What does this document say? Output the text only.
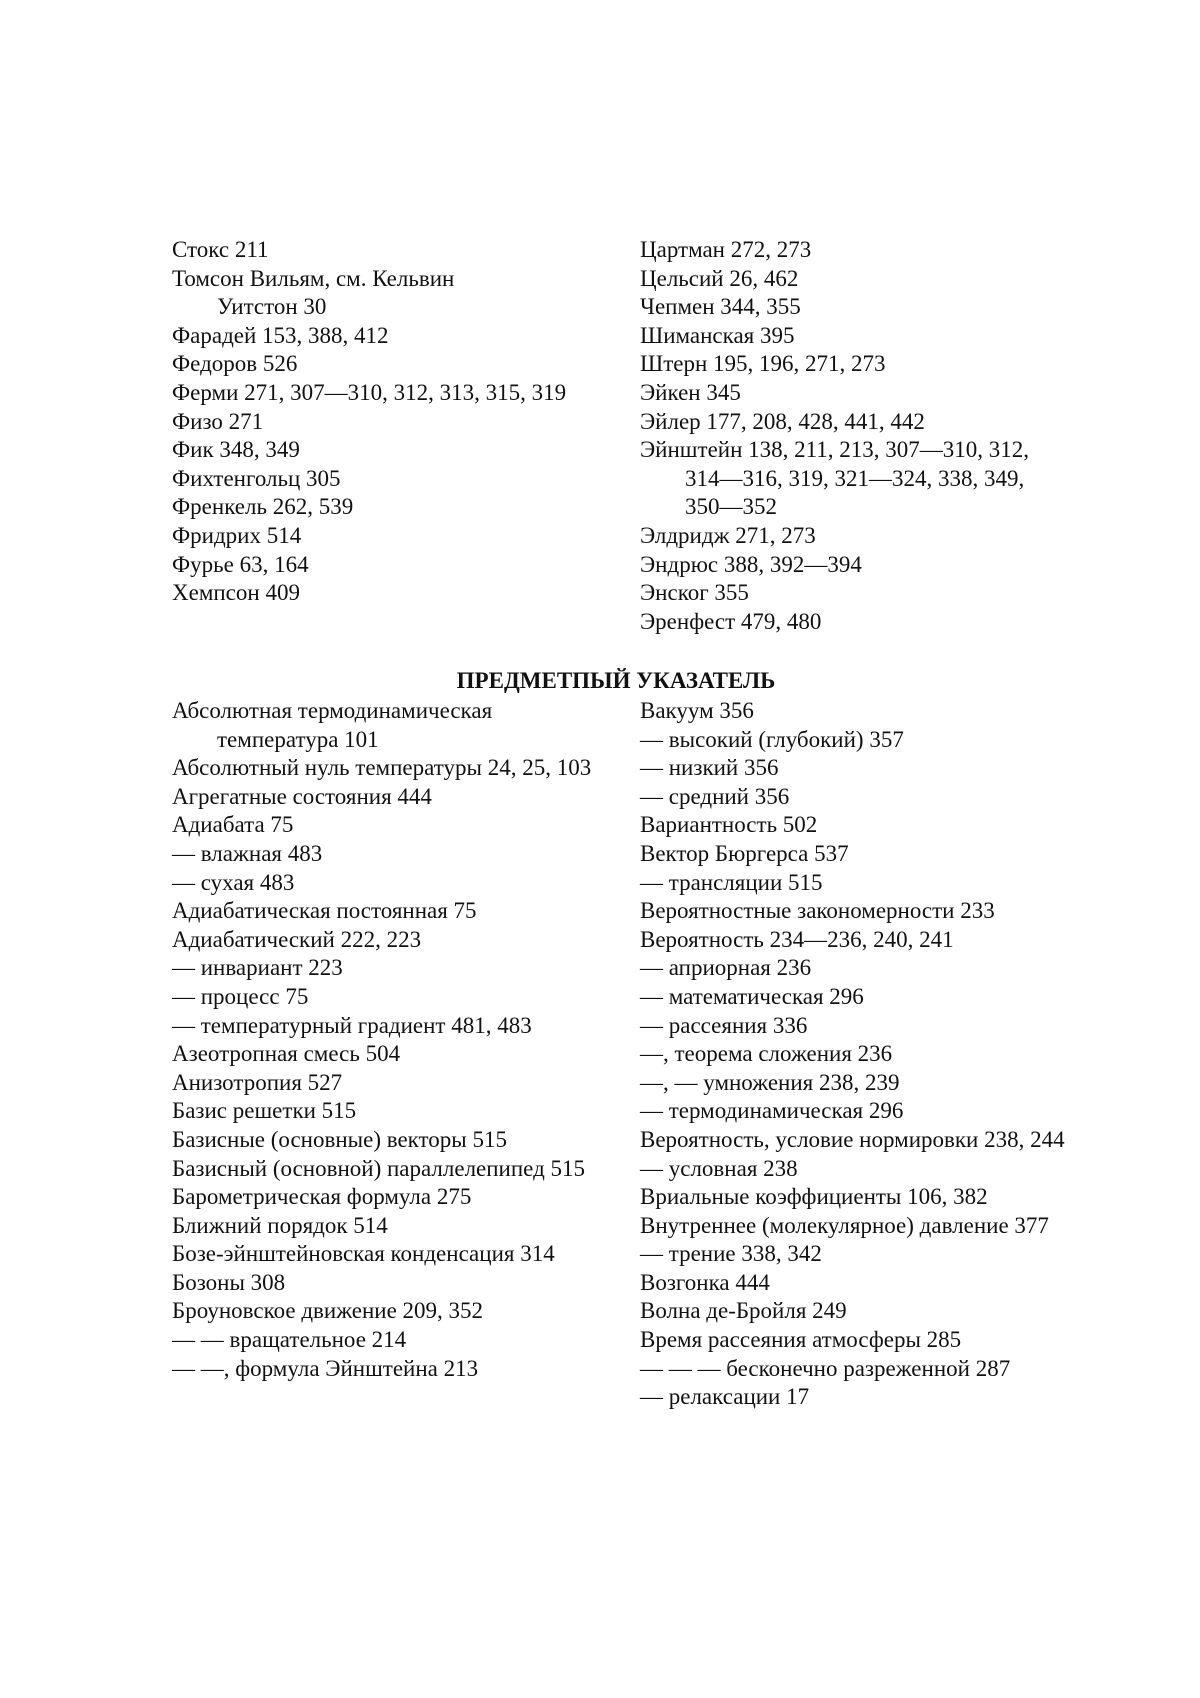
Стокс 211
Томсон Вильям, см. Кельвин
Уитстон 30
Фарадей 153, 388, 412
Федоров 526
Ферми 271, 307—310, 312, 313, 315, 319
Физо 271
Фик 348, 349
Фихтенгольц 305
Френкель 262, 539
Фридрих 514
Фурье 63, 164
Хемпсон 409
Цартман 272, 273
Цельсий 26, 462
Чепмен 344, 355
Шиманская 395
Штерн 195, 196, 271, 273
Эйкен 345
Эйлер 177, 208, 428, 441, 442
Эйнштейн 138, 211, 213, 307—310, 312, 314—316, 319, 321—324, 338, 349, 350—352
Элдридж 271, 273
Эндрюс 388, 392—394
Энског 355
Эренфест 479, 480
ПРЕДМЕТПЫЙ УКАЗАТЕЛЬ
Абсолютная термодинамическая температура 101
Абсолютный нуль температуры 24, 25, 103
Агрегатные состояния 444
Адиабата 75
— влажная 483
— сухая 483
Адиабатическая постоянная 75
Адиабатический 222, 223
— инвариант 223
— процесс 75
— температурный градиент 481, 483
Азеотропная смесь 504
Анизотропия 527
Базис решетки 515
Базисные (основные) векторы 515
Базисный (основной) параллелепипед 515
Барометрическая формула 275
Ближний порядок 514
Бозе-эйнштейновская конденсация 314
Бозоны 308
Броуновское движение 209, 352
— — вращательное 214
— —, формула Эйнштейна 213
Вакуум 356
— высокий (глубокий) 357
— низкий 356
— средний 356
Вариантность 502
Вектор Бюргерса 537
— трансляции 515
Вероятностные закономерности 233
Вероятность 234—236, 240, 241
— априорная 236
— математическая 296
— рассеяния 336
—, теорема сложения 236
—, — умножения 238, 239
— термодинамическая 296
Вероятность, условие нормировки 238, 244
— условная 238
Вриальные коэффициенты 106, 382
Внутреннее (молекулярное) давление 377
— трение 338, 342
Возгонка 444
Волна де-Бройля 249
Время рассеяния атмосферы 285
— — — бесконечно разреженной 287
— релаксации 17
